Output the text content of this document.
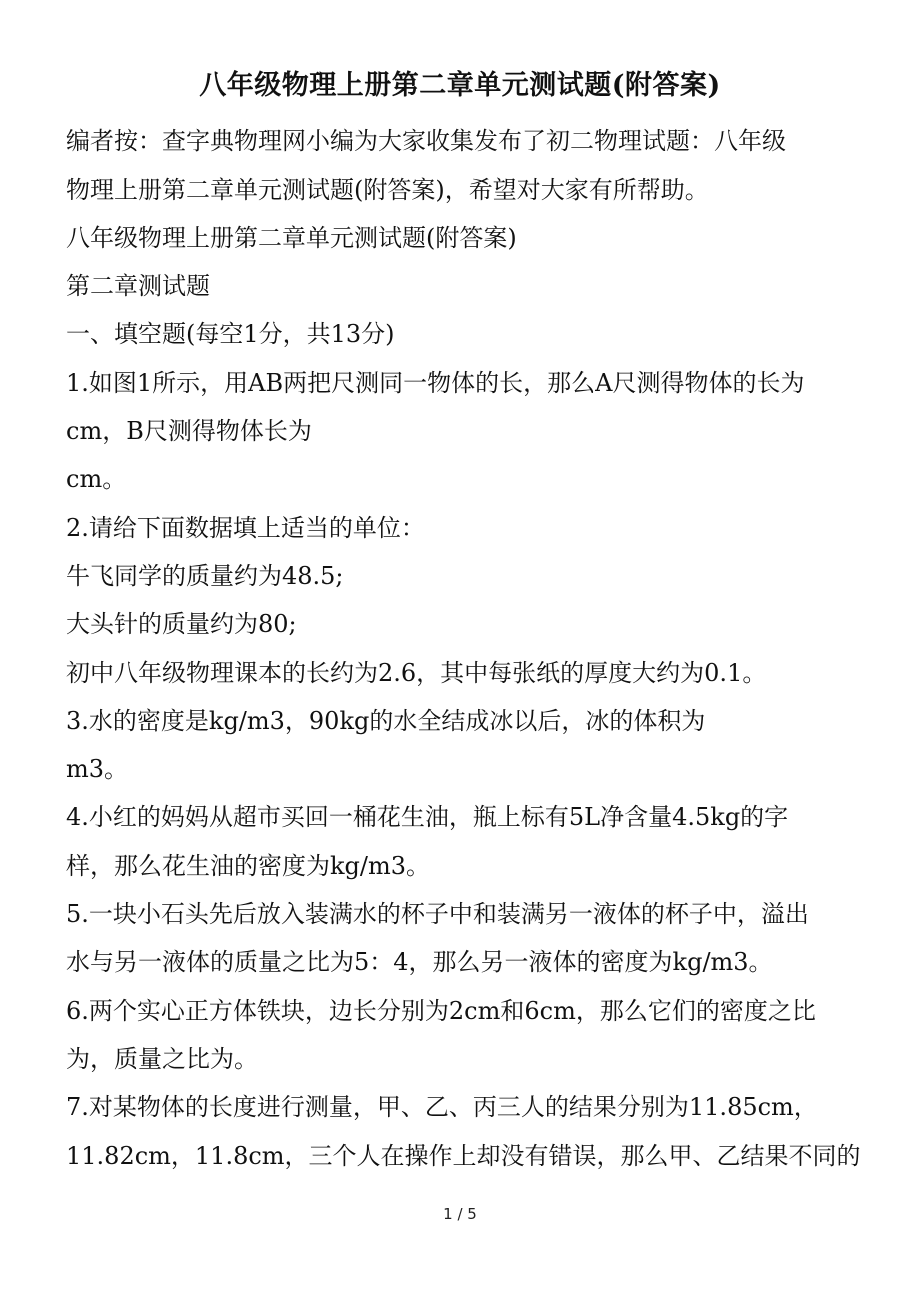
八年级物理上册第二章单元测试题(附答案)
编者按：查字典物理网小编为大家收集发布了初二物理试题：八年级
物理上册第二章单元测试题(附答案)，希望对大家有所帮助。
八年级物理上册第二章单元测试题(附答案)
第二章测试题
一、填空题(每空1分，共13分)
1.如图1所示，用AB两把尺测同一物体的长，那么A尺测得物体的长为
cm，B尺测得物体长为
cm。
2.请给下面数据填上适当的单位：
牛飞同学的质量约为48.5;
大头针的质量约为80;
初中八年级物理课本的长约为2.6，其中每张纸的厚度大约为0.1。
3.水的密度是kg/m3，90kg的水全结成冰以后，冰的体积为
m3。
4.小红的妈妈从超市买回一桶花生油，瓶上标有5L净含量4.5kg的字
样，那么花生油的密度为kg/m3。
5.一块小石头先后放入装满水的杯子中和装满另一液体的杯子中，溢出
水与另一液体的质量之比为5：4，那么另一液体的密度为kg/m3。
6.两个实心正方体铁块，边长分别为2cm和6cm，那么它们的密度之比
为，质量之比为。
7.对某物体的长度进行测量，甲、乙、丙三人的结果分别为11.85cm，
11.82cm，11.8cm，三个人在操作上却没有错误，那么甲、乙结果不同的
1 / 5
